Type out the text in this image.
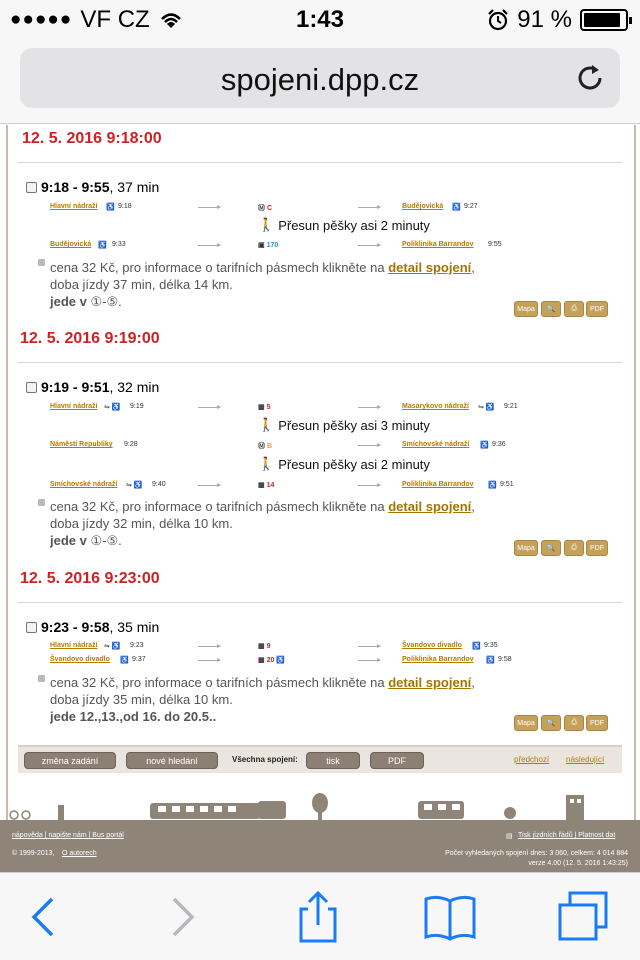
●●●●● VF CZ	1:43	91 %
spojeni.dpp.cz
12. 5. 2016 9:18:00
9:18 - 9:55 , 37 min
Hlavní nádraží ♿ 9:18	Ⓜ C	Budějovická ♿ 9:27
🚶 Přesun pěšky asi 2 minuty
Budějovická ♿ 9:33	▣ 170	Poliklinika Barrandov 9:55
cena 32 Kč, pro informace o tarifních pásmech klikněte na detail spojení,
doba jízdy 37 min, délka 14 km.
jede v ①-⑤.	Mapa	🔍	⎙	PDF
12. 5. 2016 9:19:00
9:19 - 9:51 , 32 min
Hlavní nádraží ⇋ ♿ 9:19	▦ 5	Masarykovo nádraží ⇋ ♿ 9:21
🚶 Přesun pěšky asi 3 minuty
Náměstí Republiky 9:28	Ⓜ B	Smíchovské nádraží ♿ 9:36
🚶 Přesun pěšky asi 2 minuty
Smíchovské nádraží ⇋ ♿ 9:40	▦ 14	Poliklinika Barrandov ♿ 9:51
cena 32 Kč, pro informace o tarifních pásmech klikněte na detail spojení,
doba jízdy 32 min, délka 10 km.
jede v ①-⑤.	Mapa	🔍	⎙	PDF
12. 5. 2016 9:23:00
9:23 - 9:58 , 35 min
Hlavní nádraží ⇋ ♿ 9:23	▦ 9	Švandovo divadlo ♿ 9:35
Švandovo divadlo ♿ 9:37	▦ 20 ♿	Poliklinika Barrandov ♿ 9:58
cena 32 Kč, pro informace o tarifních pásmech klikněte na detail spojení,
doba jízdy 35 min, délka 10 km.
jede 12.,13.,od 16. do 20.5..	Mapa	🔍	⎙	PDF
změna zadání	nové hledání	Všechna spojení:	tisk	PDF	předchozí následující
nápověda | napište nám | Bus portál
© 1999-2013, O autorech
▤ Tisk jízdních řádů | Platnost dat
Počet vyhledaných spojení dnes: 3 060, celkem: 4 014 884
verze 4.00 (12. 5. 2016 1:43:25)
